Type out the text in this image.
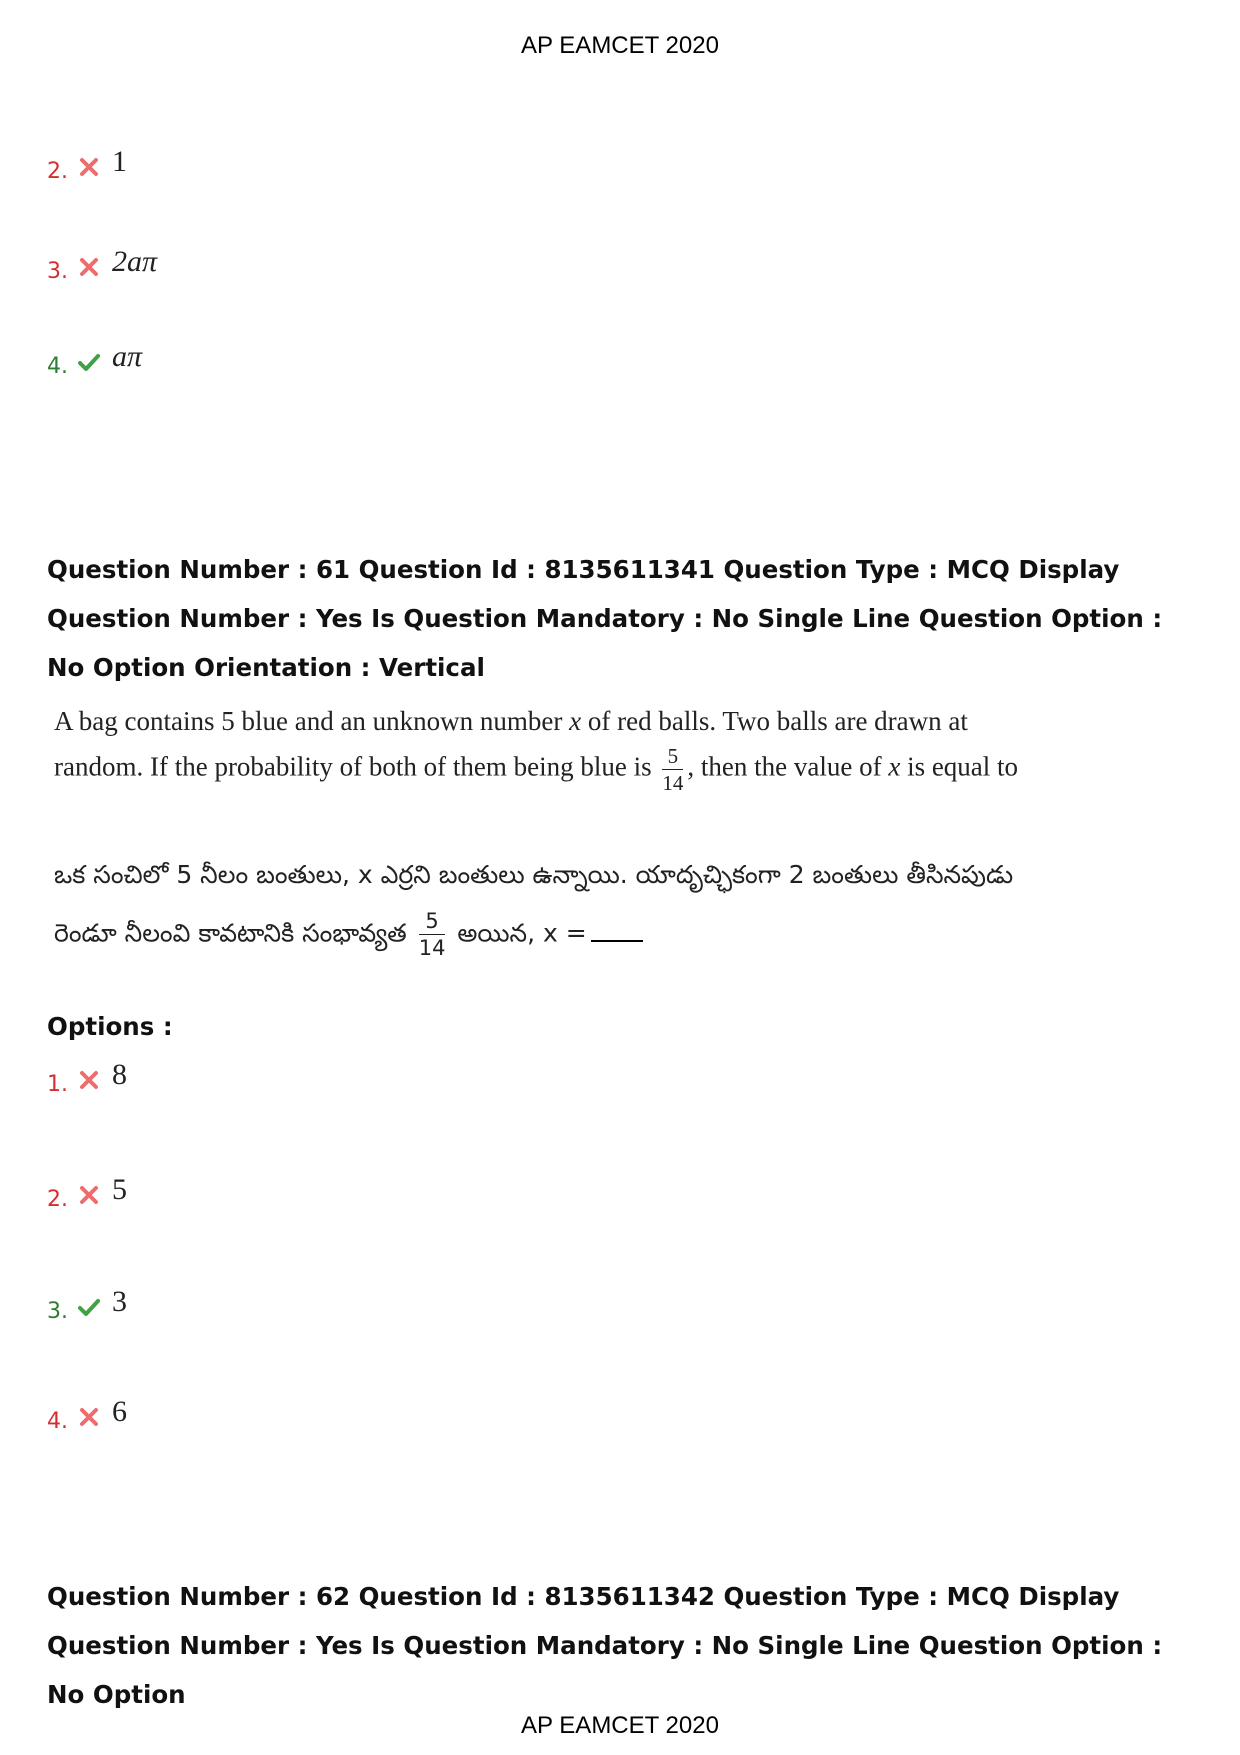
AP EAMCET 2020
2. 1
3. 2aπ
4. aπ
Question Number : 61 Question Id : 8135611341 Question Type : MCQ Display Question Number : Yes Is Question Mandatory : No Single Line Question Option : No Option Orientation : Vertical
A bag contains 5 blue and an unknown number x of red balls. Two balls are drawn at
random. If the probability of both of them being blue is $\frac{5}{14}$ , then the value of x is equal to
ఒక సంచిలో 5 నీలం బంతులు, x ఎర్రని బంతులు ఉన్నాయి. యాదృచ్ఛికంగా 2 బంతులు తీసినపుడు
రెండూ నీలంవి కావటానికి సంభావ్యత $\frac{5}{14}$ అయిన, x =
Options :
1. 8
2. 5
3. 3
4. 6
Question Number : 62 Question Id : 8135611342 Question Type : MCQ Display Question Number : Yes Is Question Mandatory : No Single Line Question Option : No Option
AP EAMCET 2020
